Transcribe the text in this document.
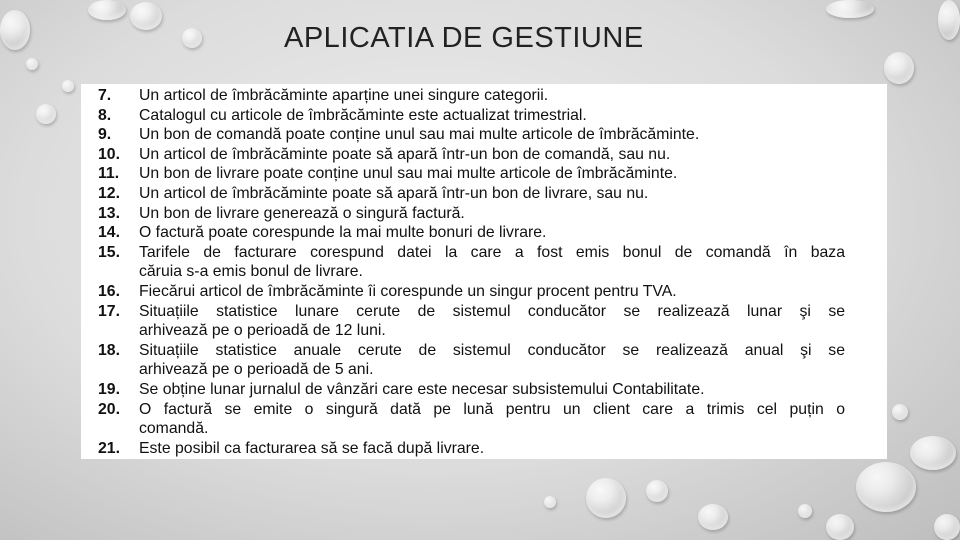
APLICATIA DE GESTIUNE
7. Un articol de îmbrăcăminte aparține unei singure categorii.
8. Catalogul cu articole de îmbrăcăminte este actualizat trimestrial.
9. Un bon de comandă poate conține unul sau mai multe articole de îmbrăcăminte.
10. Un articol de îmbrăcăminte poate să apară într-un bon de comandă, sau nu.
11. Un bon de livrare poate conține unul sau mai multe articole de îmbrăcăminte.
12. Un articol de îmbrăcăminte poate să apară într-un bon de livrare, sau nu.
13. Un bon de livrare generează o singură factură.
14. O factură poate corespunde la mai multe bonuri de livrare.
15. Tarifele de facturare corespund datei la care a fost emis bonul de comandă în baza
căruia s-a emis bonul de livrare.
16. Fiecărui articol de îmbrăcăminte îi corespunde un singur procent pentru TVA.
17. Situațiile statistice lunare cerute de sistemul conducător se realizează lunar şi se
arhivează pe o perioadă de 12 luni.
18. Situațiile statistice anuale cerute de sistemul conducător se realizează anual şi se
arhivează pe o perioadă de 5 ani.
19. Se obține lunar jurnalul de vânzări care este necesar subsistemului Contabilitate.
20. O factură se emite o singură dată pe lună pentru un client care a trimis cel puțin o
comandă.
21. Este posibil ca facturarea să se facă după livrare.
